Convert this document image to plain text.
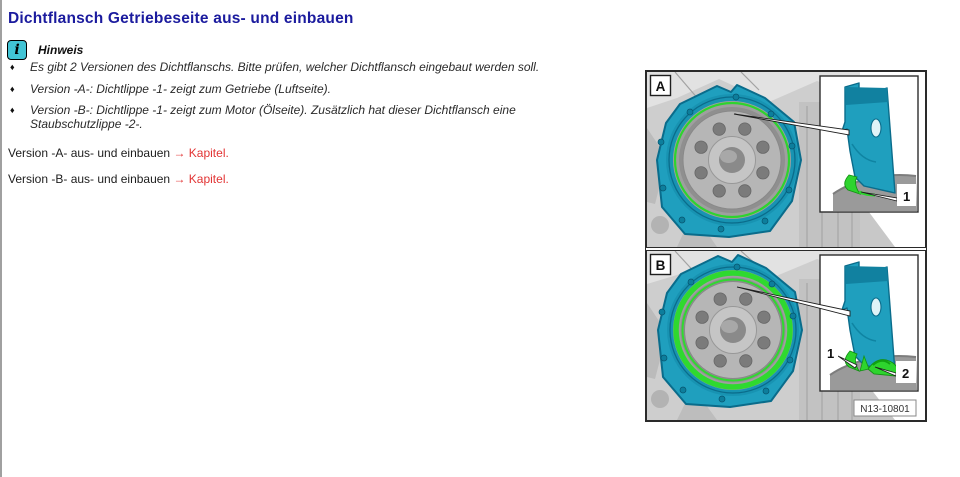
Dichtflansch Getriebeseite aus- und einbauen
i	Hinweis
♦	Es gibt 2 Versionen des Dichtflanschs. Bitte prüfen, welcher Dichtflansch eingebaut werden soll.
♦	Version -A-: Dichtlippe -1- zeigt zum Getriebe (Luftseite).
♦	Version -B-: Dichtlippe -1- zeigt zum Motor (Ölseite). Zusätzlich hat dieser Dichtflansch eine Staubschutzlippe -2-.

Version -A- aus- und einbauen → Kapitel.

Version -B- aus- und einbauen → Kapitel.

1
A
1
2
B
N13-10801
